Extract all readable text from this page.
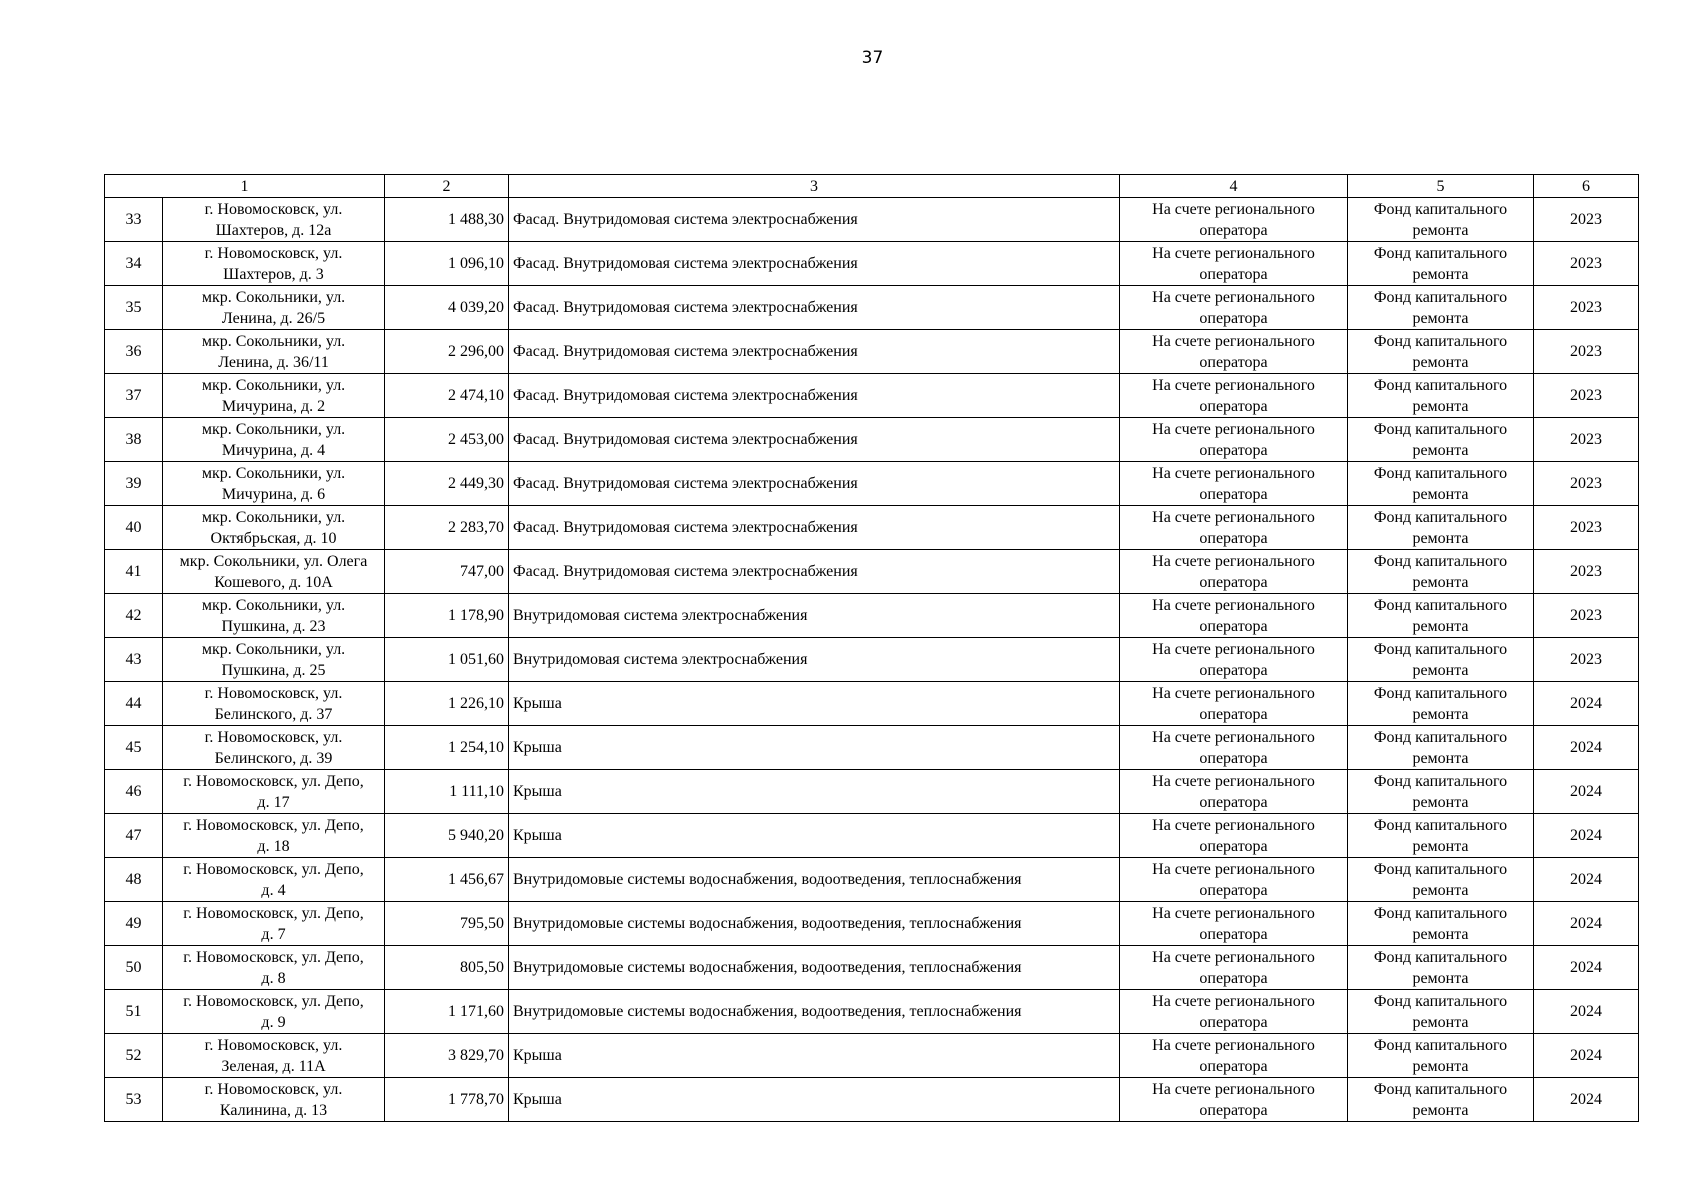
37
1		2	3	4	5	6
33	г. Новомосковск, ул.
Шахтеров, д. 12а	1 488,30	Фасад. Внутридомовая система электроснабжения	На счете регионального
оператора	Фонд капитального
ремонта	2023
34	г. Новомосковск, ул.
Шахтеров, д. 3	1 096,10	Фасад. Внутридомовая система электроснабжения	На счете регионального
оператора	Фонд капитального
ремонта	2023
35	мкр. Сокольники, ул.
Ленина, д. 26/5	4 039,20	Фасад. Внутридомовая система электроснабжения	На счете регионального
оператора	Фонд капитального
ремонта	2023
36	мкр. Сокольники, ул.
Ленина, д. 36/11	2 296,00	Фасад. Внутридомовая система электроснабжения	На счете регионального
оператора	Фонд капитального
ремонта	2023
37	мкр. Сокольники, ул.
Мичурина, д. 2	2 474,10	Фасад. Внутридомовая система электроснабжения	На счете регионального
оператора	Фонд капитального
ремонта	2023
38	мкр. Сокольники, ул.
Мичурина, д. 4	2 453,00	Фасад. Внутридомовая система электроснабжения	На счете регионального
оператора	Фонд капитального
ремонта	2023
39	мкр. Сокольники, ул.
Мичурина, д. 6	2 449,30	Фасад. Внутридомовая система электроснабжения	На счете регионального
оператора	Фонд капитального
ремонта	2023
40	мкр. Сокольники, ул.
Октябрьская, д. 10	2 283,70	Фасад. Внутридомовая система электроснабжения	На счете регионального
оператора	Фонд капитального
ремонта	2023
41	мкр. Сокольники, ул. Олега
Кошевого, д. 10А	747,00	Фасад. Внутридомовая система электроснабжения	На счете регионального
оператора	Фонд капитального
ремонта	2023
42	мкр. Сокольники, ул.
Пушкина, д. 23	1 178,90	Внутридомовая система электроснабжения	На счете регионального
оператора	Фонд капитального
ремонта	2023
43	мкр. Сокольники, ул.
Пушкина, д. 25	1 051,60	Внутридомовая система электроснабжения	На счете регионального
оператора	Фонд капитального
ремонта	2023
44	г. Новомосковск, ул.
Белинского, д. 37	1 226,10	Крыша	На счете регионального
оператора	Фонд капитального
ремонта	2024
45	г. Новомосковск, ул.
Белинского, д. 39	1 254,10	Крыша	На счете регионального
оператора	Фонд капитального
ремонта	2024
46	г. Новомосковск, ул. Депо,
д. 17	1 111,10	Крыша	На счете регионального
оператора	Фонд капитального
ремонта	2024
47	г. Новомосковск, ул. Депо,
д. 18	5 940,20	Крыша	На счете регионального
оператора	Фонд капитального
ремонта	2024
48	г. Новомосковск, ул. Депо,
д. 4	1 456,67	Внутридомовые системы водоснабжения, водоотведения, теплоснабжения	На счете регионального
оператора	Фонд капитального
ремонта	2024
49	г. Новомосковск, ул. Депо,
д. 7	795,50	Внутридомовые системы водоснабжения, водоотведения, теплоснабжения	На счете регионального
оператора	Фонд капитального
ремонта	2024
50	г. Новомосковск, ул. Депо,
д. 8	805,50	Внутридомовые системы водоснабжения, водоотведения, теплоснабжения	На счете регионального
оператора	Фонд капитального
ремонта	2024
51	г. Новомосковск, ул. Депо,
д. 9	1 171,60	Внутридомовые системы водоснабжения, водоотведения, теплоснабжения	На счете регионального
оператора	Фонд капитального
ремонта	2024
52	г. Новомосковск, ул.
Зеленая, д. 11А	3 829,70	Крыша	На счете регионального
оператора	Фонд капитального
ремонта	2024
53	г. Новомосковск, ул.
Калинина, д. 13	1 778,70	Крыша	На счете регионального
оператора	Фонд капитального
ремонта	2024
